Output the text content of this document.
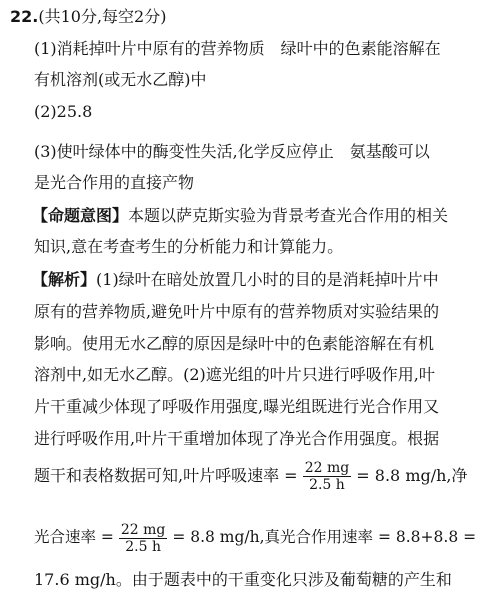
22.(共10分,每空2分)
(1)消耗掉叶片中原有的营养物质　绿叶中的色素能溶解在
有机溶剂(或无水乙醇)中
(2)25.8
(3)使叶绿体中的酶变性失活,化学反应停止　氨基酸可以
是光合作用的直接产物
【命题意图】本题以萨克斯实验为背景考查光合作用的相关
知识,意在考查考生的分析能力和计算能力。
【解析】(1)绿叶在暗处放置几小时的目的是消耗掉叶片中
原有的营养物质,避免叶片中原有的营养物质对实验结果的
影响。使用无水乙醇的原因是绿叶中的色素能溶解在有机
溶剂中,如无水乙醇。(2)遮光组的叶片只进行呼吸作用,叶
片干重减少体现了呼吸作用强度,曝光组既进行光合作用又
进行呼吸作用,叶片干重增加体现了净光合作用强度。根据
题干和表格数据可知,叶片呼吸速率 = $\frac{22 mg}{2.5 h} = 8.8$ mg/h,净
光合速率 = $\frac{22 mg}{2.5 h} = 8.8$ mg/h,真光合作用速率 = 8.8+8.8 =
17.6 mg/h。由于题表中的干重变化只涉及葡萄糖的产生和
